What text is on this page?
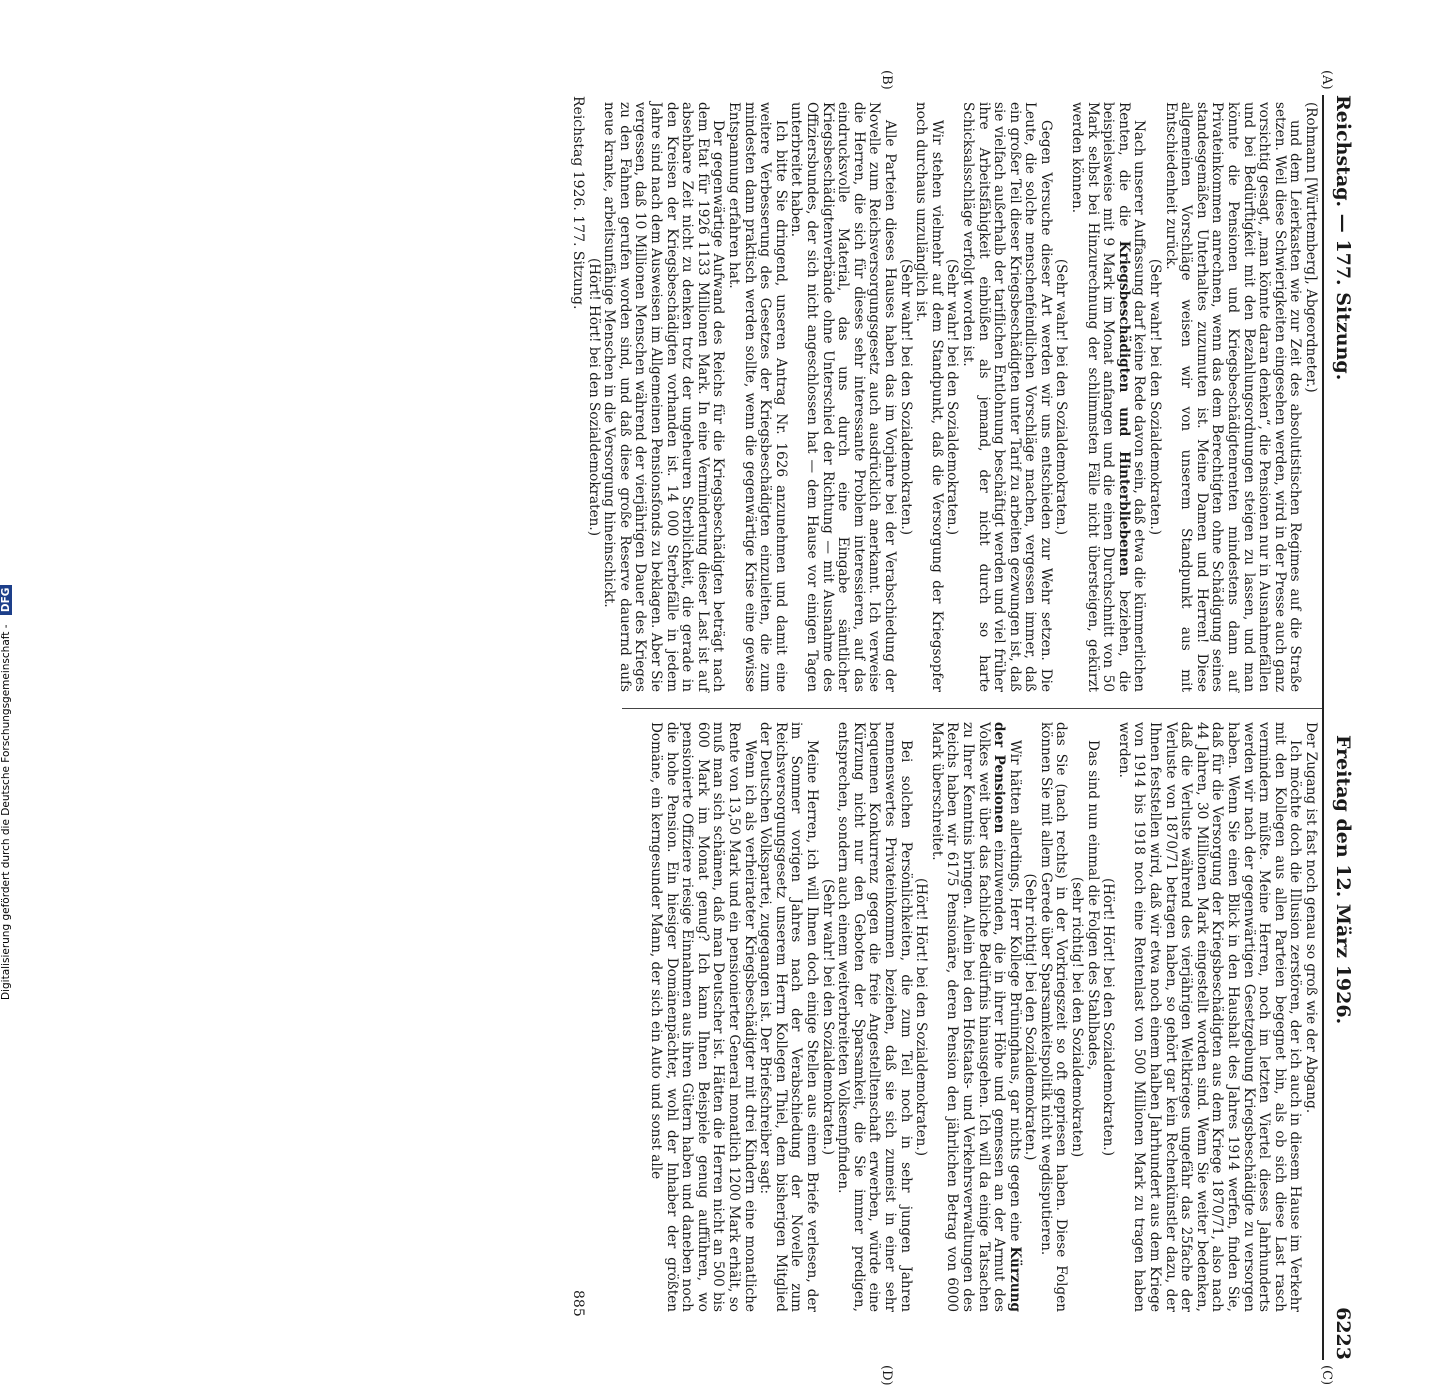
Reichstag. — 177. Sitzung.
Freitag den 12. März 1926.
6223
(A)
(B)
(C)
(D)

(Rohmann [Württemberg], Abgeordneter.)

und dem Leierkasten wie zur Zeit des absolutistischen Regimes auf die Straße setzen. Weil diese Schwierigkeiten eingesehen werden, wird in der Presse auch ganz vorsichtig gesagt, „man könnte daran denken“, die Pensionen nur in Ausnahmefällen und bei Bedürftigkeit mit den Bezahlungsordnungen steigen zu lassen, und man könnte die Pensionen und Kriegsbeschädigtenrenten mindestens dann auf Privateinkommen anrechnen, wenn das dem Berechtigten ohne Schädigung seines standesgemäßen Unterhaltes zuzumuten ist. Meine Damen und Herren! Diese allgemeinen Vorschläge weisen wir von unserem Standpunkt aus mit Entschiedenheit zurück.

(Sehr wahr! bei den Sozialdemokraten.)

Nach unserer Auffassung darf keine Rede davon sein, daß etwa die kümmerlichen Renten, die die Kriegsbeschädigten und Hinterbliebenen beziehen, die beispielsweise mit 9 Mark im Monat anfangen und die einen Durchschnitt von 50 Mark selbst bei Hinzurechnung der schlimmsten Fälle nicht übersteigen, gekürzt werden können.

(Sehr wahr! bei den Sozialdemokraten.)

Gegen Versuche dieser Art werden wir uns entschieden zur Wehr setzen. Die Leute, die solche menschenfeindlichen Vorschläge machen, vergessen immer, daß ein großer Teil dieser Kriegsbeschädigten unter Tarif zu arbeiten gezwungen ist, daß sie vielfach außerhalb der tariflichen Entlohnung beschäftigt werden und viel früher ihre Arbeitsfähigkeit einbüßen als jemand, der nicht durch so harte Schicksalsschläge verfolgt worden ist.

(Sehr wahr! bei den Sozialdemokraten.)

Wir stehen vielmehr auf dem Standpunkt, daß die Versorgung der Kriegsopfer noch durchaus unzulänglich ist.

(Sehr wahr! bei den Sozialdemokraten.)

Alle Parteien dieses Hauses haben das im Vorjahre bei der Verabschiedung der Novelle zum Reichsversorgungsgesetz auch ausdrücklich anerkannt. Ich verweise die Herren, die sich für dieses sehr interessante Problem interessieren, auf das eindrucksvolle Material, das uns durch eine Eingabe sämtlicher Kriegsbeschädigtenverbände ohne Unterschied der Richtung — mit Ausnahme des Offiziersbundes, der sich nicht angeschlossen hat — dem Hause vor einigen Tagen unterbreitet haben.

Ich bitte Sie dringend, unseren Antrag Nr. 1626 anzunehmen und damit eine weitere Verbesserung des Gesetzes der Kriegsbeschädigten einzuleiten, die zum mindesten dann praktisch werden sollte, wenn die gegenwärtige Krise eine gewisse Entspannung erfahren hat.

Der gegenwärtige Aufwand des Reichs für die Kriegsbeschädigten beträgt nach dem Etat für 1926 1133 Millionen Mark. In eine Verminderung dieser Last ist auf absehbare Zeit nicht zu denken trotz der ungeheuren Sterblichkeit, die gerade in den Kreisen der Kriegsbeschädigten vorhanden ist. 14 000 Sterbefälle in jedem Jahre sind nach dem Ausweisen im Allgemeinen Pensionsfonds zu beklagen. Aber Sie vergessen, daß 10 Millionen Menschen während der vierjährigen Dauer des Krieges zu den Fahnen gerufen worden sind, und daß diese große Reserve dauernd aufs neue kranke, arbeitsunfähige Menschen in die Versorgung hineinschickt.

(Hört! Hört! bei den Sozialdemokraten.)

Der Zugang ist fast noch genau so groß wie der Abgang.

Ich möchte doch die Illusion zerstören, der ich auch in diesem Hause im Verkehr mit den Kollegen aus allen Parteien begegnet bin, als ob sich diese Last rasch vermindern müßte. Meine Herren, noch im letzten Viertel dieses Jahrhunderts werden wir nach der gegenwärtigen Gesetzgebung Kriegsbeschädigte zu versorgen haben. Wenn Sie einen Blick in den Haushalt des Jahres 1914 werfen, finden Sie, daß für die Versorgung der Kriegsbeschädigten aus dem Kriege 1870/71, also nach 44 Jahren, 30 Millionen Mark eingestellt worden sind. Wenn Sie weiter bedenken, daß die Verluste während des vierjährigen Weltkrieges ungefähr das 25fache der Verluste von 1870/71 betragen haben, so gehört gar kein Rechenkünstler dazu, der Ihnen feststellen wird, daß wir etwa noch einem halben Jahrhundert aus dem Kriege von 1914 bis 1918 noch eine Rentenlast von 500 Millionen Mark zu tragen haben werden.

(Hört! Hört! bei den Sozialdemokraten.)

Das sind nun einmal die Folgen des Stahlbades,

(sehr richtig! bei den Sozialdemokraten)

das Sie (nach rechts) in der Vorkriegszeit so oft gepriesen haben. Diese Folgen können Sie mit allem Gerede über Sparsamkeitspolitik nicht wegdisputieren.

(Sehr richtig! bei den Sozialdemokraten.)

Wir hätten allerdings, Herr Kollege Brüninghaus, gar nichts gegen eine Kürzung der Pensionen einzuwenden, die in ihrer Höhe und gemessen an der Armut des Volkes weit über das fachliche Bedürfnis hinausgehen. Ich will da einige Tatsachen zu Ihrer Kenntnis bringen. Allein bei den Hofstaats- und Verkehrsverwaltungen des Reichs haben wir 6175 Pensionäre, deren Pension den jährlichen Betrag von 6000 Mark überschreitet.

(Hört! Hört! bei den Sozialdemokraten.)

Bei solchen Persönlichkeiten, die zum Teil noch in sehr jungen Jahren nennenswertes Privateinkommen beziehen, daß sie sich zumeist in einer sehr bequemen Konkurrenz gegen die freie Angestelltenschaft erwerben, würde eine Kürzung nicht nur den Geboten der Sparsamkeit, die Sie immer predigen, entsprechen, sondern auch einem weitverbreiteten Volksempfinden.

(Sehr wahr! bei den Sozialdemokraten.)

Meine Herren, ich will Ihnen doch einige Stellen aus einem Briefe verlesen, der im Sommer vorigen Jahres nach der Verabschiedung der Novelle zum Reichsversorgungsgesetz unserem Herrn Kollegen Thiel, dem bisherigen Mitglied der Deutschen Volkspartei, zugegangen ist. Der Briefschreiber sagt:

Wenn ich als verheirateter Kriegsbeschädigter mit drei Kindern eine monatliche Rente von 13,50 Mark und ein pensionierter General monatlich 1200 Mark erhält, so muß man sich schämen, daß man Deutscher ist. Hätten die Herren nicht an 500 bis 600 Mark im Monat genug? Ich kann Ihnen Beispiele genug aufführen, wo pensionierte Offiziere riesige Einnahmen aus ihren Gütern haben und daneben noch die hohe Pension. Ein hiesiger Domänenpächter, wohl der Inhaber der größten Domäne, ein kerngesunder Mann, der sich ein Auto und sonst alle

Reichstag 1926. 177. Sitzung.
885
Digitalisierung gefördert durch die Deutsche Forschungsgemeinschaft - DFG
